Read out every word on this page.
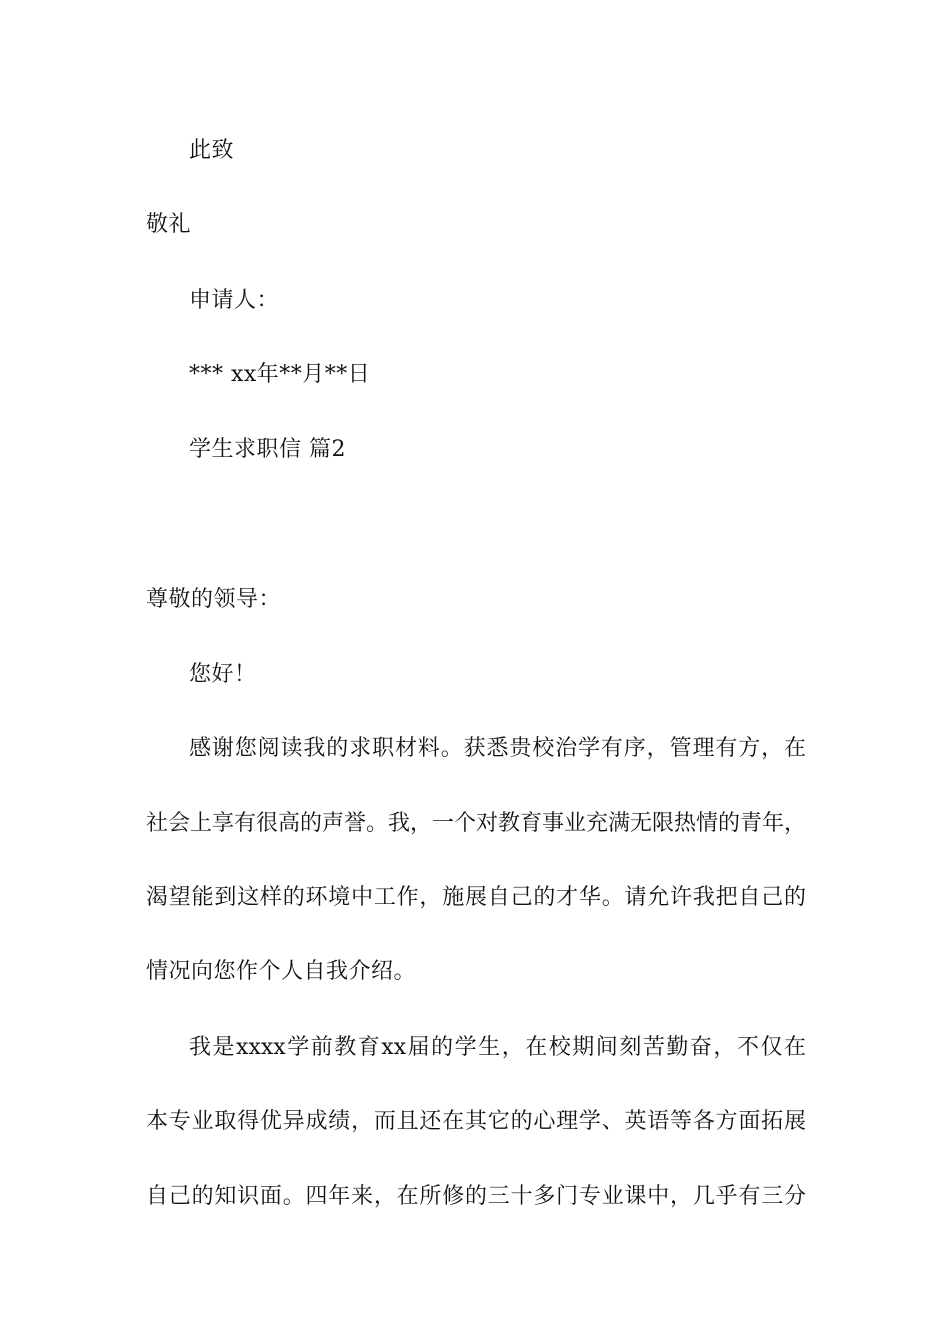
此致
敬礼
申请人：
*** xx年**月**日
学生求职信 篇2
尊敬的领导：
您好！
感谢您阅读我的求职材料。获悉贵校治学有序，管理有方，在
社会上享有很高的声誉。我，一个对教育事业充满无限热情的青年，
渴望能到这样的环境中工作，施展自己的才华。请允许我把自己的
情况向您作个人自我介绍。
我是xxxx学前教育xx届的学生，在校期间刻苦勤奋，不仅在
本专业取得优异成绩，而且还在其它的心理学、英语等各方面拓展
自己的知识面。四年来，在所修的三十多门专业课中，几乎有三分
